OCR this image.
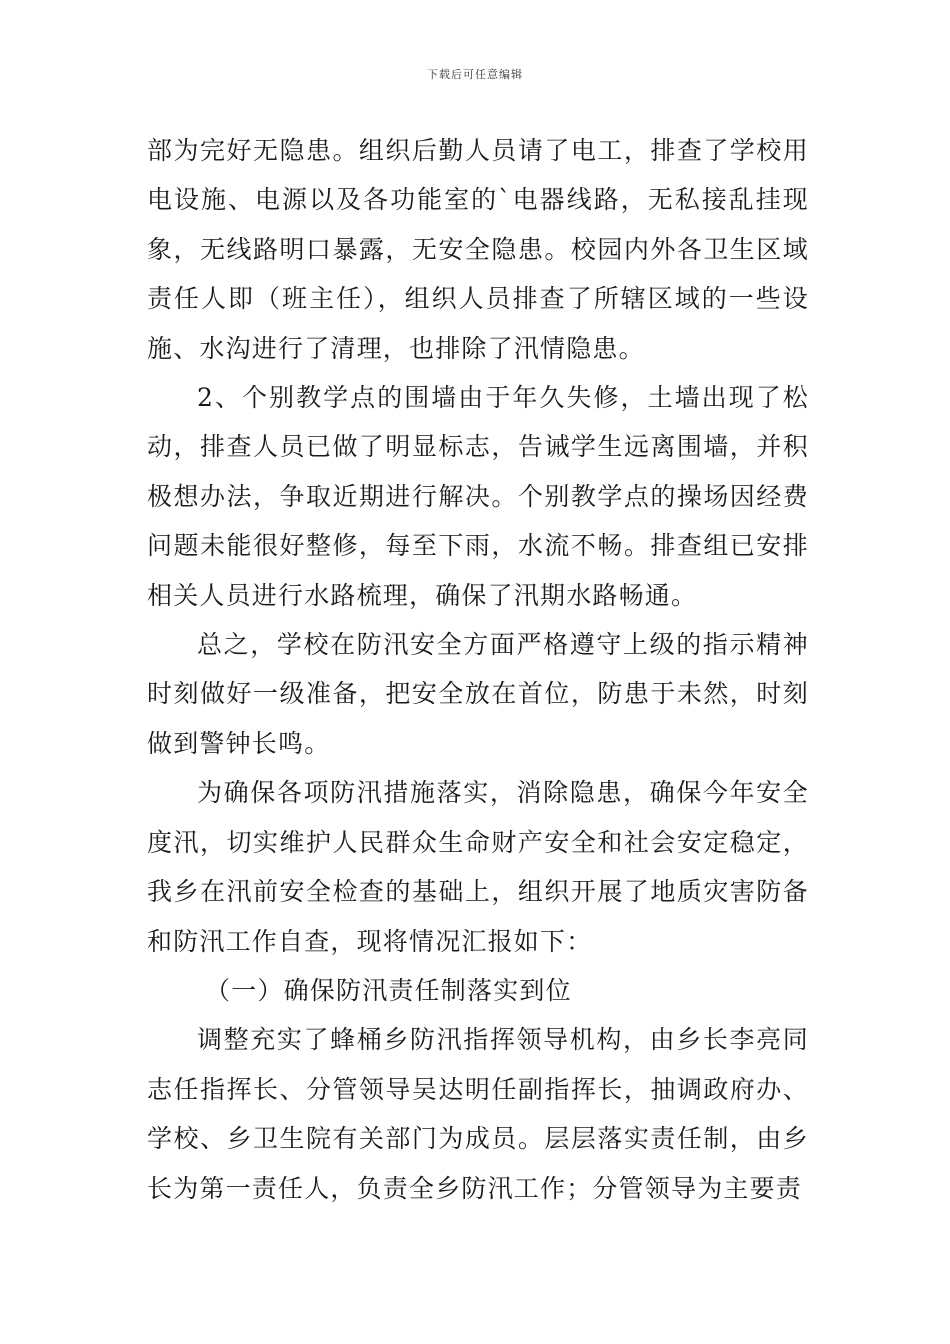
下载后可任意编辑

部为完好无隐患。组织后勤人员请了电工，排查了学校用电设施、电源以及各功能室的`电器线路，无私接乱挂现象，无线路明口暴露，无安全隐患。校园内外各卫生区域责任人即（班主任），组织人员排查了所辖区域的一些设施、水沟进行了清理，也排除了汛情隐患。

2、个别教学点的围墙由于年久失修，土墙出现了松动，排查人员已做了明显标志，告诫学生远离围墙，并积极想办法，争取近期进行解决。个别教学点的操场因经费问题未能很好整修，每至下雨，水流不畅。排查组已安排相关人员进行水路梳理，确保了汛期水路畅通。

总之，学校在防汛安全方面严格遵守上级的指示精神时刻做好一级准备，把安全放在首位，防患于未然，时刻做到警钟长鸣。

为确保各项防汛措施落实，消除隐患，确保今年安全度汛，切实维护人民群众生命财产安全和社会安定稳定，我乡在汛前安全检查的基础上，组织开展了地质灾害防备和防汛工作自查，现将情况汇报如下：

（一）确保防汛责任制落实到位

调整充实了蜂桶乡防汛指挥领导机构，由乡长李亮同志任指挥长、分管领导吴达明任副指挥长，抽调政府办、学校、乡卫生院有关部门为成员。层层落实责任制，由乡长为第一责任人，负责全乡防汛工作；分管领导为主要责
